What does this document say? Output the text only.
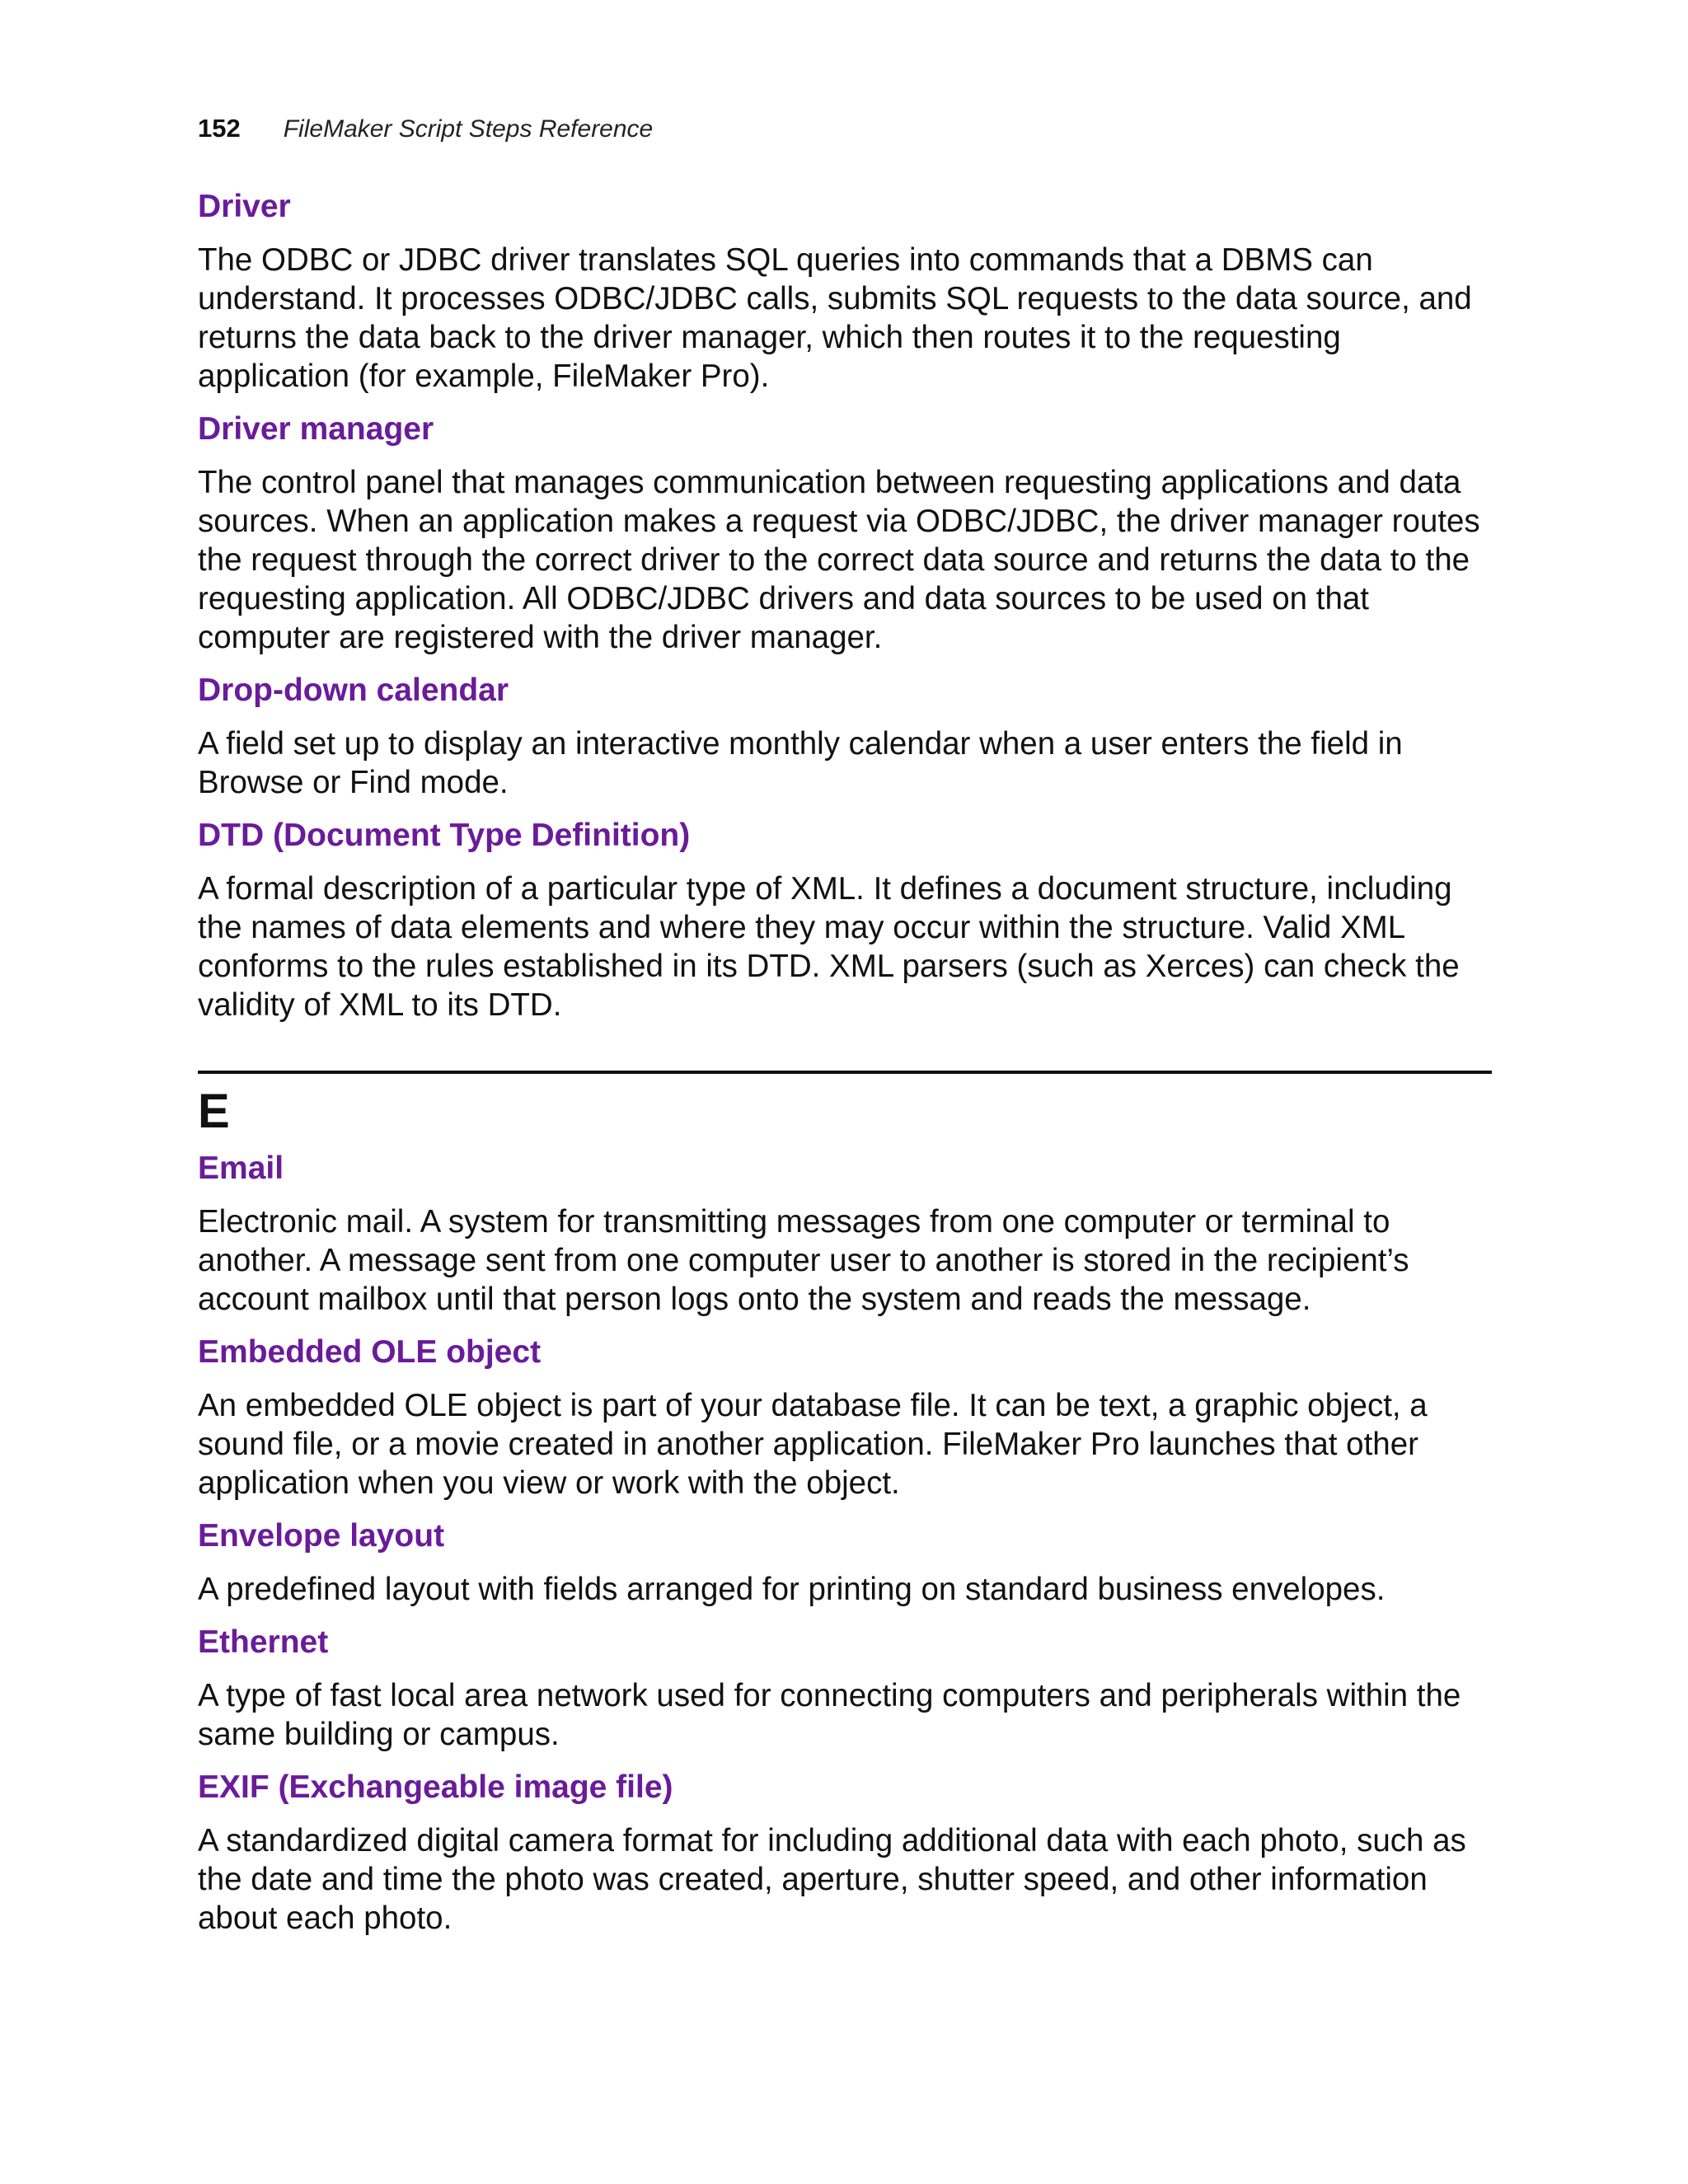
152 FileMaker Script Steps Reference
Driver

The ODBC or JDBC driver translates SQL queries into commands that a DBMS can understand. It processes ODBC/JDBC calls, submits SQL requests to the data source, and returns the data back to the driver manager, which then routes it to the requesting application (for example, FileMaker Pro).

Driver manager

The control panel that manages communication between requesting applications and data sources. When an application makes a request via ODBC/JDBC, the driver manager routes the request through the correct driver to the correct data source and returns the data to the requesting application. All ODBC/JDBC drivers and data sources to be used on that computer are registered with the driver manager.

Drop-down calendar

A field set up to display an interactive monthly calendar when a user enters the field in Browse or Find mode.

DTD (Document Type Definition)

A formal description of a particular type of XML. It defines a document structure, including the names of data elements and where they may occur within the structure. Valid XML conforms to the rules established in its DTD. XML parsers (such as Xerces) can check the validity of XML to its DTD.

E
Email

Electronic mail. A system for transmitting messages from one computer or terminal to another. A message sent from one computer user to another is stored in the recipient’s account mailbox until that person logs onto the system and reads the message.

Embedded OLE object

An embedded OLE object is part of your database file. It can be text, a graphic object, a sound file, or a movie created in another application. FileMaker Pro launches that other application when you view or work with the object.

Envelope layout

A predefined layout with fields arranged for printing on standard business envelopes.

Ethernet

A type of fast local area network used for connecting computers and peripherals within the same building or campus.

EXIF (Exchangeable image file)

A standardized digital camera format for including additional data with each photo, such as the date and time the photo was created, aperture, shutter speed, and other information about each photo.
